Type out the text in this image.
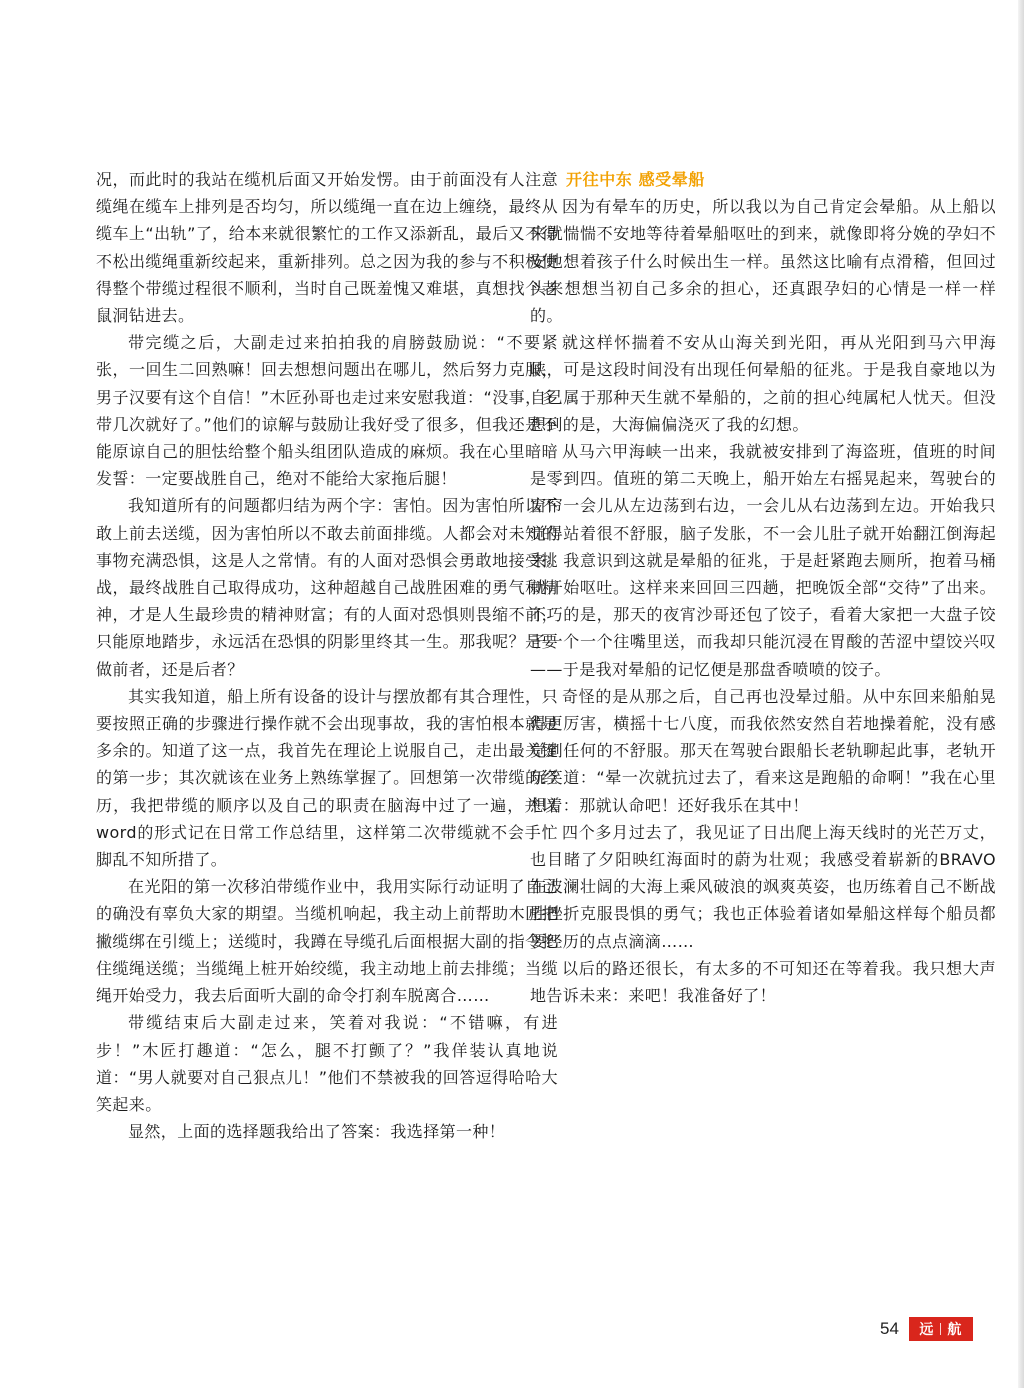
况，而此时的我站在缆机后面又开始发愣。由于前面没有人注意缆绳在缆车上排列是否均匀，所以缆绳一直在边上缠绕，最终从缆车上“出轨”了，给本来就很繁忙的工作又添新乱，最后又不得不松出缆绳重新绞起来，重新排列。总之因为我的参与不积极使得整个带缆过程很不顺利，当时自己既羞愧又难堪，真想找个老鼠洞钻进去。

带完缆之后，大副走过来拍拍我的肩膀鼓励说：“不要紧张，一回生二回熟嘛！回去想想问题出在哪儿，然后努力克服，男子汉要有这个自信！”木匠孙哥也走过来安慰我道：“没事，多带几次就好了。”他们的谅解与鼓励让我好受了很多，但我还是不能原谅自己的胆怯给整个船头组团队造成的麻烦。我在心里暗暗发誓：一定要战胜自己，绝对不能给大家拖后腿！

我知道所有的问题都归结为两个字：害怕。因为害怕所以不敢上前去送缆，因为害怕所以不敢去前面排缆。人都会对未知的事物充满恐惧，这是人之常情。有的人面对恐惧会勇敢地接受挑战，最终战胜自己取得成功，这种超越自己战胜困难的勇气和精神，才是人生最珍贵的精神财富；有的人面对恐惧则畏缩不前，只能原地踏步，永远活在恐惧的阴影里终其一生。那我呢？是要做前者，还是后者？

其实我知道，船上所有设备的设计与摆放都有其合理性，只要按照正确的步骤进行操作就不会出现事故，我的害怕根本就是多余的。知道了这一点，我首先在理论上说服自己，走出最关键的第一步；其次就该在业务上熟练掌握了。回想第一次带缆的经历，我把带缆的顺序以及自己的职责在脑海中过了一遍，并以word的形式记在日常工作总结里，这样第二次带缆就不会手忙脚乱不知所措了。

在光阳的第一次移泊带缆作业中，我用实际行动证明了自己的确没有辜负大家的期望。当缆机响起，我主动上前帮助木匠把撇缆绑在引缆上；送缆时，我蹲在导缆孔后面根据大副的指令把住缆绳送缆；当缆绳上桩开始绞缆，我主动地上前去排缆；当缆绳开始受力，我去后面听大副的命令打刹车脱离合……

带缆结束后大副走过来，笑着对我说：“不错嘛，有进步！”木匠打趣道：“怎么，腿不打颤了？”我佯装认真地说道：“男人就要对自己狠点儿！”他们不禁被我的回答逗得哈哈大笑起来。

显然，上面的选择题我给出了答案：我选择第一种！

开往中东 感受晕船

因为有晕车的历史，所以我以为自己肯定会晕船。从上船以来就惴惴不安地等待着晕船呕吐的到来，就像即将分娩的孕妇不安地想着孩子什么时候出生一样。虽然这比喻有点滑稽，但回过头来想想当初自己多余的担心，还真跟孕妇的心情是一样一样的。

就这样怀揣着不安从山海关到光阳，再从光阳到马六甲海峡，可是这段时间没有出现任何晕船的征兆。于是我自豪地以为自己属于那种天生就不晕船的，之前的担心纯属杞人忧天。但没想到的是，大海偏偏浇灭了我的幻想。

从马六甲海峡一出来，我就被安排到了海盗班，值班的时间是零到四。值班的第二天晚上，船开始左右摇晃起来，驾驶台的窗帘一会儿从左边荡到右边，一会儿从右边荡到左边。开始我只觉得站着很不舒服，脑子发胀，不一会儿肚子就开始翻江倒海起来。我意识到这就是晕船的征兆，于是赶紧跑去厕所，抱着马桶就开始呕吐。这样来来回回三四趟，把晚饭全部“交待”了出来。不巧的是，那天的夜宵沙哥还包了饺子，看着大家把一大盘子饺子一个一个往嘴里送，而我却只能沉浸在胃酸的苦涩中望饺兴叹——于是我对晕船的记忆便是那盘香喷喷的饺子。

奇怪的是从那之后，自己再也没晕过船。从中东回来船舶晃得更厉害，横摇十七八度，而我依然安然自若地操着舵，没有感觉到任何的不舒服。那天在驾驶台跟船长老轨聊起此事，老轨开玩笑道：“晕一次就抗过去了，看来这是跑船的命啊！”我在心里想着：那就认命吧！还好我乐在其中！

四个多月过去了，我见证了日出爬上海天线时的光芒万丈，也目睹了夕阳映红海面时的蔚为壮观；我感受着崭新的BRAVO在波澜壮阔的大海上乘风破浪的飒爽英姿，也历练着自己不断战胜挫折克服畏惧的勇气；我也正体验着诸如晕船这样每个船员都要经历的点点滴滴……

以后的路还很长，有太多的不可知还在等着我。我只想大声地告诉未来：来吧！我准备好了！

54 远 航
